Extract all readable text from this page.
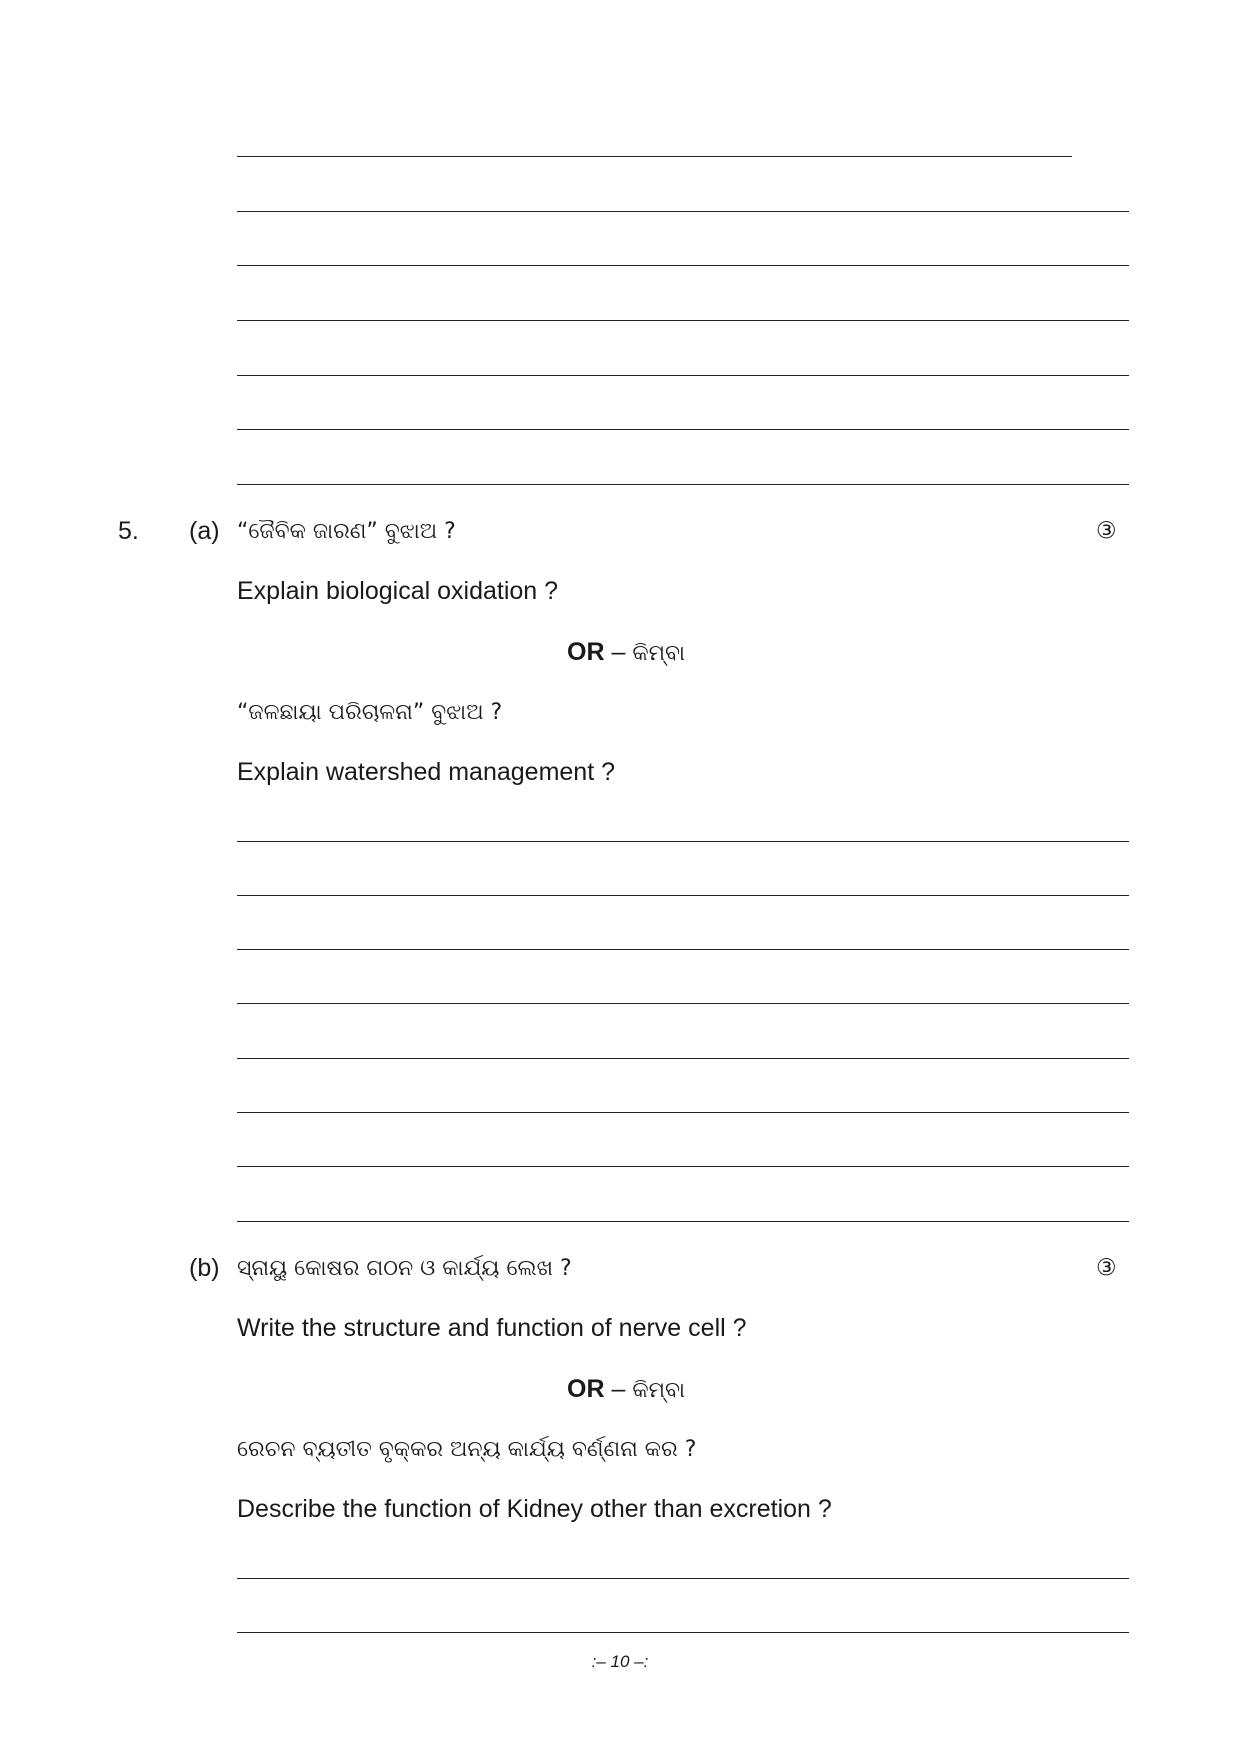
5. (a) “ଜୈବିକ ଜାରଣ” ବୁଝାଅ ?	③
Explain biological oxidation ?
OR – କିମ୍ବା
“ଜଳଛାୟା ପରିଚାଳନା” ବୁଝାଅ ?
Explain watershed management ?
(b) ସ୍ନାୟୁ କୋଷର ଗଠନ ଓ କାର୍ଯ୍ୟ ଲେଖ ?	③
Write the structure and function of nerve cell ?
OR – କିମ୍ବା
ରେଚନ ବ୍ୟତୀତ ବୃକ୍କର ଅନ୍ୟ କାର୍ଯ୍ୟ ବର୍ଣ୍ଣନା କର ?
Describe the function of Kidney other than excretion ?
:– 10 –:
